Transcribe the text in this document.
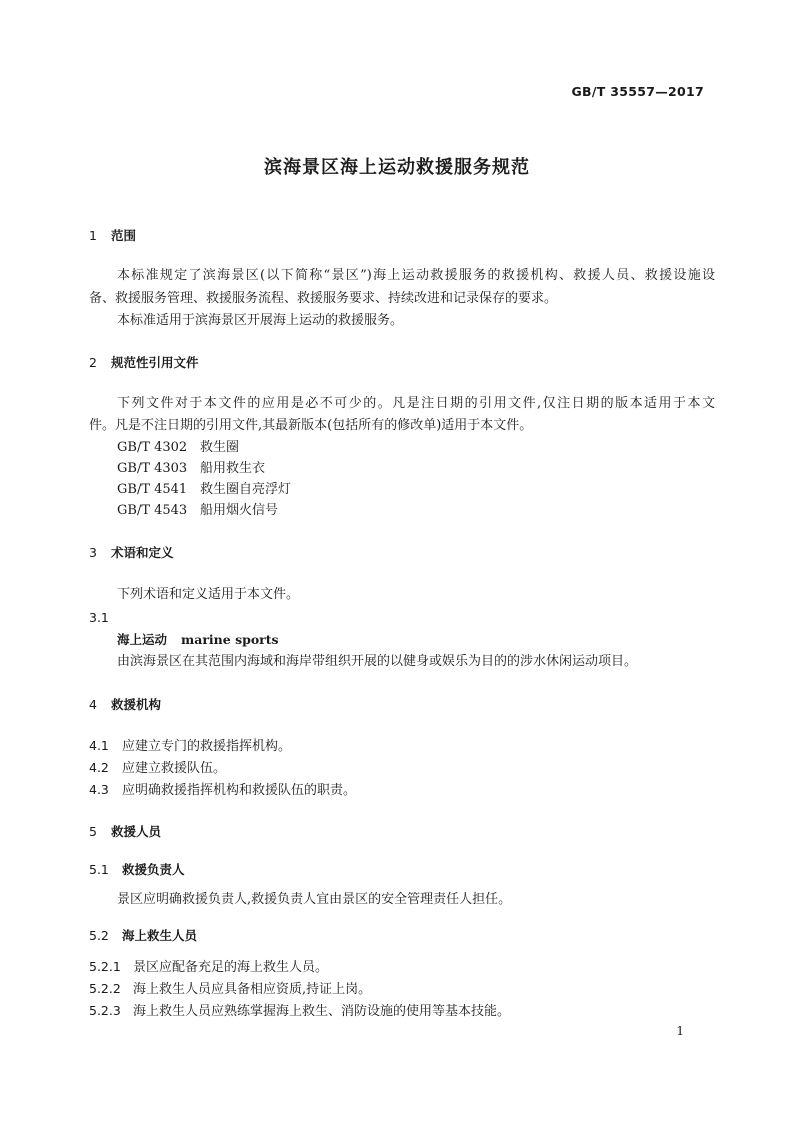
GB/T 35557—2017
滨海景区海上运动救援服务规范
1 范围
本标准规定了滨海景区(以下简称“景区”)海上运动救援服务的救援机构、救援人员、救援设施设
备、救援服务管理、救援服务流程、救援服务要求、持续改进和记录保存的要求。
本标准适用于滨海景区开展海上运动的救援服务。
2 规范性引用文件
下列文件对于本文件的应用是必不可少的。凡是注日期的引用文件,仅注日期的版本适用于本文
件。凡是不注日期的引用文件,其最新版本(包括所有的修改单)适用于本文件。
GB/T 4302 救生圈
GB/T 4303 船用救生衣
GB/T 4541 救生圈自亮浮灯
GB/T 4543 船用烟火信号
3 术语和定义
下列术语和定义适用于本文件。
3.1
海上运动 marine sports
由滨海景区在其范围内海域和海岸带组织开展的以健身或娱乐为目的的涉水休闲运动项目。
4 救援机构
4.1 应建立专门的救援指挥机构。
4.2 应建立救援队伍。
4.3 应明确救援指挥机构和救援队伍的职责。
5 救援人员
5.1 救援负责人
景区应明确救援负责人,救援负责人宜由景区的安全管理责任人担任。
5.2 海上救生人员
5.2.1 景区应配备充足的海上救生人员。
5.2.2 海上救生人员应具备相应资质,持证上岗。
5.2.3 海上救生人员应熟练掌握海上救生、消防设施的使用等基本技能。
1
